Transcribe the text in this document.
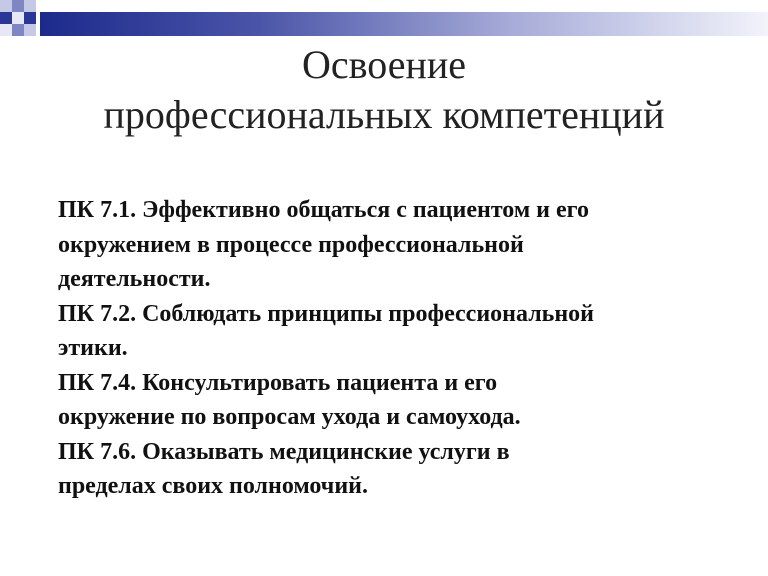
Освоение
профессиональных компетенций
ПК 7.1. Эффективно общаться с пациентом и его
окружением в процессе профессиональной
деятельности.
ПК 7.2. Соблюдать принципы профессиональной
этики.
ПК 7.4. Консультировать пациента и его
окружение по вопросам ухода и самоухода.
ПК 7.6. Оказывать медицинские услуги в
пределах своих полномочий.
